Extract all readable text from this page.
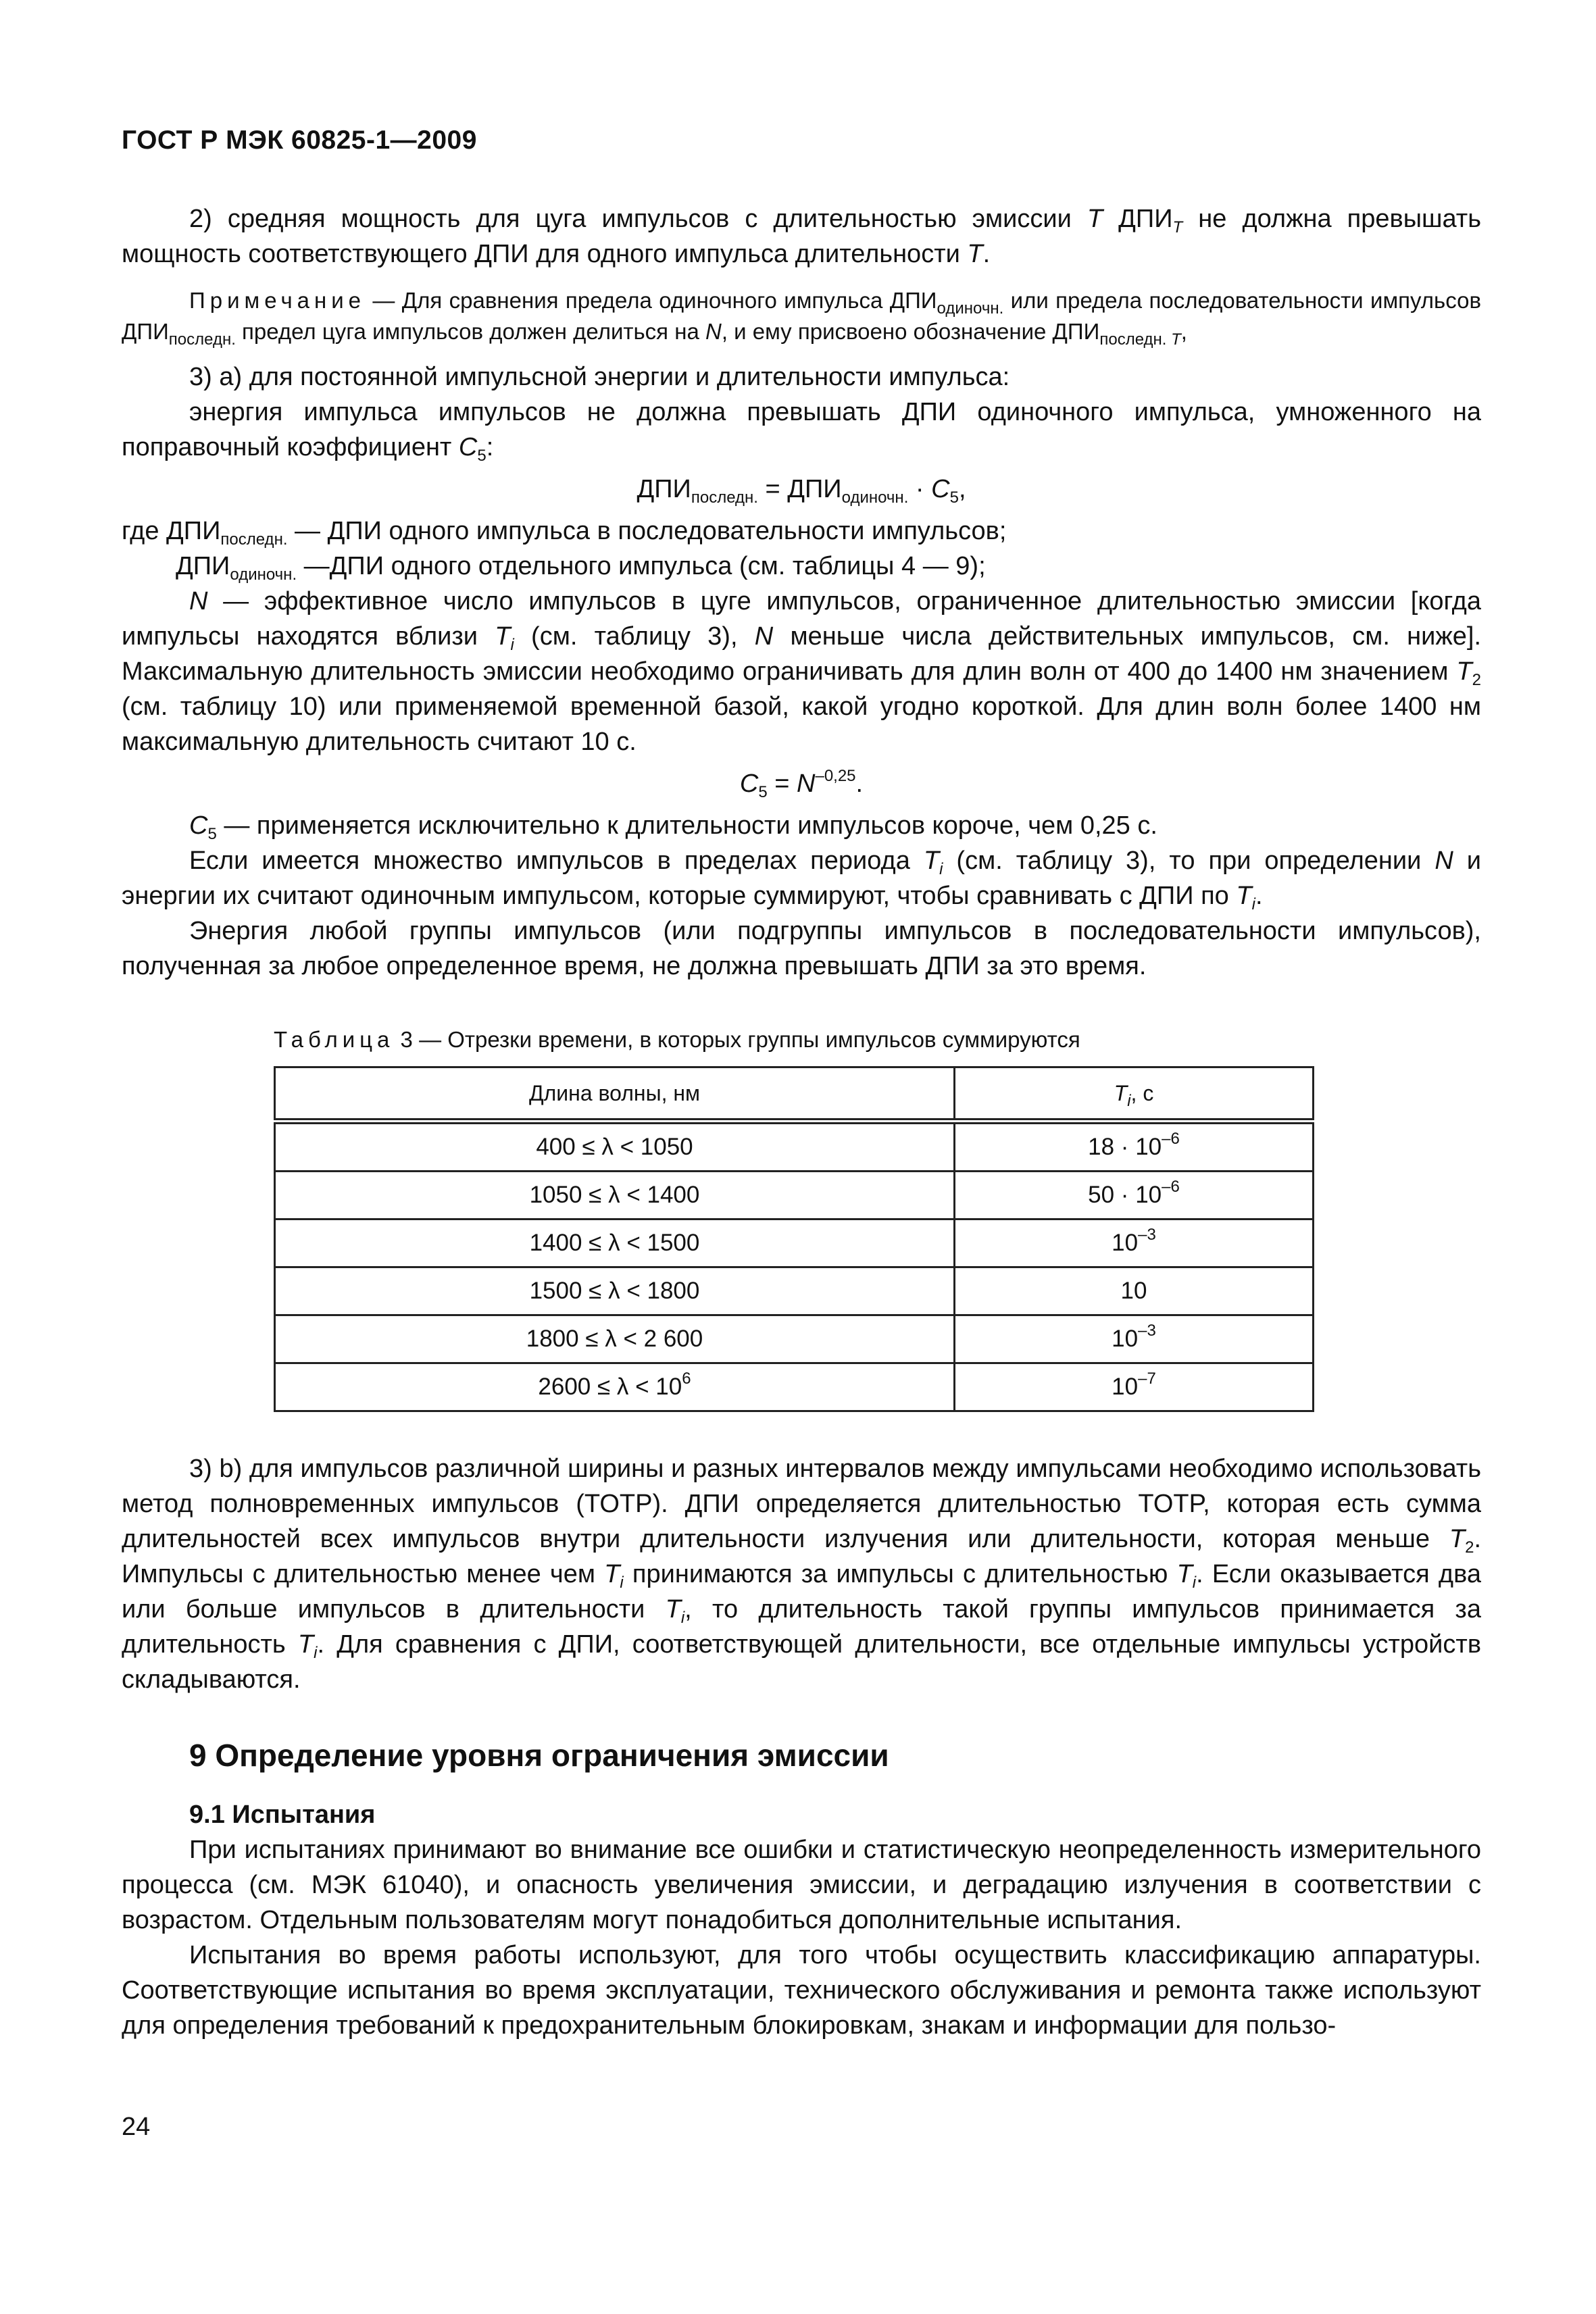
ГОСТ Р МЭК 60825-1—2009

2) средняя мощность для цуга импульсов с длительностью эмиссии T $ДПИ_T$ не должна превышать мощность соответствующего ДПИ для одного импульса длительности T.

Примечание — Для сравнения предела одиночного импульса $ДПИ_{одиночн.}$ или предела последовательности импульсов $ДПИ_{последн.}$ предел цуга импульсов должен делиться на N, и ему присвоено обозначение $ДПИ_{последн. T}$,

3) a) для постоянной импульсной энергии и длительности импульса:

энергия импульса импульсов не должна превышать ДПИ одиночного импульса, умноженного на поправочный коэффициент $C_5$:

$ДПИ_{последн.} = ДПИ_{одиночн.} \cdot C_5$,

где $ДПИ_{последн.}$ — ДПИ одного импульса в последовательности импульсов;
$ДПИ_{одиночн.}$ —ДПИ одного отдельного импульса (см. таблицы 4 — 9);

N — эффективное число импульсов в цуге импульсов, ограниченное длительностью эмиссии [когда импульсы находятся вблизи $T_i$ (см. таблицу 3), N меньше числа действительных импульсов, см. ниже]. Максимальную длительность эмиссии необходимо ограничивать для длин волн от 400 до 1400 нм значением $T_2$ (см. таблицу 10) или применяемой временной базой, какой угодно короткой. Для длин волн более 1400 нм максимальную длительность считают 10 с.

$C_5 = N^{-0,25}$.

$C_5$ — применяется исключительно к длительности импульсов короче, чем 0,25 с.

Если имеется множество импульсов в пределах периода $T_i$ (см. таблицу 3), то при определении N и энергии их считают одиночным импульсом, которые суммируют, чтобы сравнивать с ДПИ по $T_i$.

Энергия любой группы импульсов (или подгруппы импульсов в последовательности импульсов), полученная за любое определенное время, не должна превышать ДПИ за это время.

Таблица 3 — Отрезки времени, в которых группы импульсов суммируются

Длина волны, нм	$T_i$, с
400 ≤ λ < 1050	$18 \cdot 10^{-6}$
1050 ≤ λ < 1400	$50 \cdot 10^{-6}$
1400 ≤ λ < 1500	$10^{-3}$
1500 ≤ λ < 1800	10
1800 ≤ λ < 2 600	$10^{-3}$
$2600 \le \lambda < 10^6$	$10^{-7}$

3) b) для импульсов различной ширины и разных интервалов между импульсами необходимо использовать метод полновременных импульсов (TOTP). ДПИ определяется длительностью TOTP, которая есть сумма длительностей всех импульсов внутри длительности излучения или длительности, которая меньше $T_2$. Импульсы с длительностью менее чем $T_i$ принимаются за импульсы с длительностью $T_i$. Если оказывается два или больше импульсов в длительности $T_i$, то длительность такой группы импульсов принимается за длительность $T_i$. Для сравнения с ДПИ, соответствующей длительности, все отдельные импульсы устройств складываются.

9 Определение уровня ограничения эмиссии
9.1 Испытания

При испытаниях принимают во внимание все ошибки и статистическую неопределенность измерительного процесса (см. МЭК 61040), и опасность увеличения эмиссии, и деградацию излучения в соответствии с возрастом. Отдельным пользователям могут понадобиться дополнительные испытания.

Испытания во время работы используют, для того чтобы осуществить классификацию аппаратуры. Соответствующие испытания во время эксплуатации, технического обслуживания и ремонта также используют для определения требований к предохранительным блокировкам, знакам и информации для пользо-

24
